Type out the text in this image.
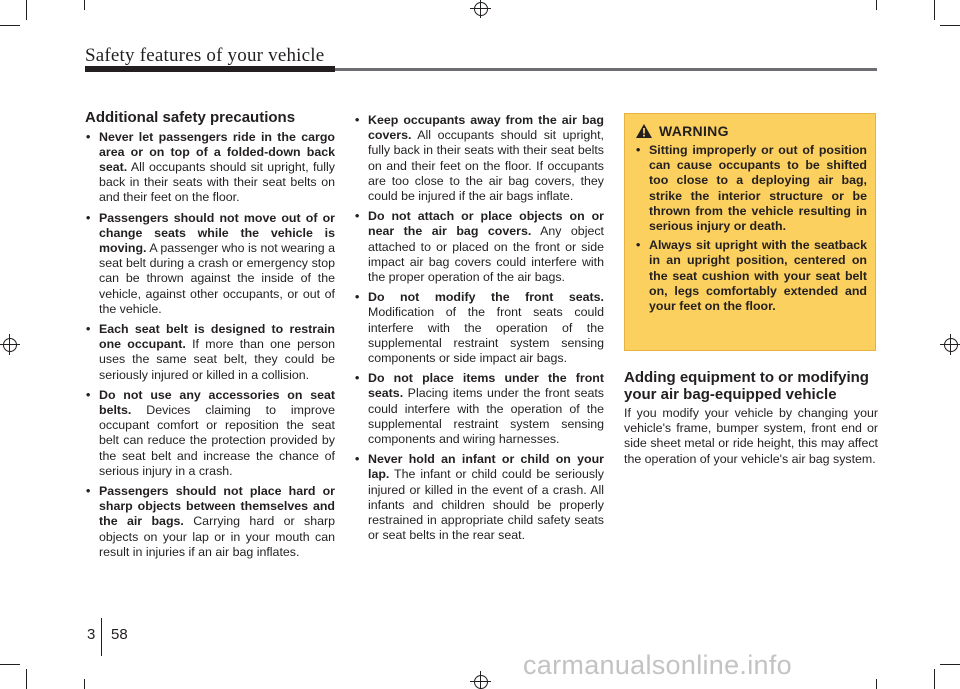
Safety features of your vehicle
Additional safety precautions
• Never let passengers ride in the cargo area or on top of a folded-down back seat. All occupants should sit upright, fully back in their seats with their seat belts on and their feet on the floor.
• Passengers should not move out of or change seats while the vehicle is moving. A passenger who is not wearing a seat belt during a crash or emergency stop can be thrown against the inside of the vehicle, against other occupants, or out of the vehicle.
• Each seat belt is designed to restrain one occupant. If more than one person uses the same seat belt, they could be seriously injured or killed in a collision.
• Do not use any accessories on seat belts. Devices claiming to improve occupant comfort or reposition the seat belt can reduce the protection provided by the seat belt and increase the chance of serious injury in a crash.
• Passengers should not place hard or sharp objects between themselves and the air bags. Carrying hard or sharp objects on your lap or in your mouth can result in injuries if an air bag inflates.
• Keep occupants away from the air bag covers. All occupants should sit upright, fully back in their seats with their seat belts on and their feet on the floor. If occupants are too close to the air bag covers, they could be injured if the air bags inflate.
• Do not attach or place objects on or near the air bag covers. Any object attached to or placed on the front or side impact air bag covers could interfere with the proper operation of the air bags.
• Do not modify the front seats. Modification of the front seats could interfere with the operation of the supplemental restraint system sensing components or side impact air bags.
• Do not place items under the front seats. Placing items under the front seats could interfere with the operation of the supplemental restraint system sensing components and wiring harnesses.
• Never hold an infant or child on your lap. The infant or child could be seriously injured or killed in the event of a crash. All infants and children should be properly restrained in appropriate child safety seats or seat belts in the rear seat.
WARNING
• Sitting improperly or out of position can cause occupants to be shifted too close to a deploying air bag, strike the interior structure or be thrown from the vehicle resulting in serious injury or death.
• Always sit upright with the seatback in an upright position, centered on the seat cushion with your seat belt on, legs comfortably extended and your feet on the floor.
Adding equipment to or modifying your air bag-equipped vehicle

If you modify your vehicle by changing your vehicle's frame, bumper system, front end or side sheet metal or ride height, this may affect the operation of your vehicle's air bag system.

3 58
carmanualsonline.info
